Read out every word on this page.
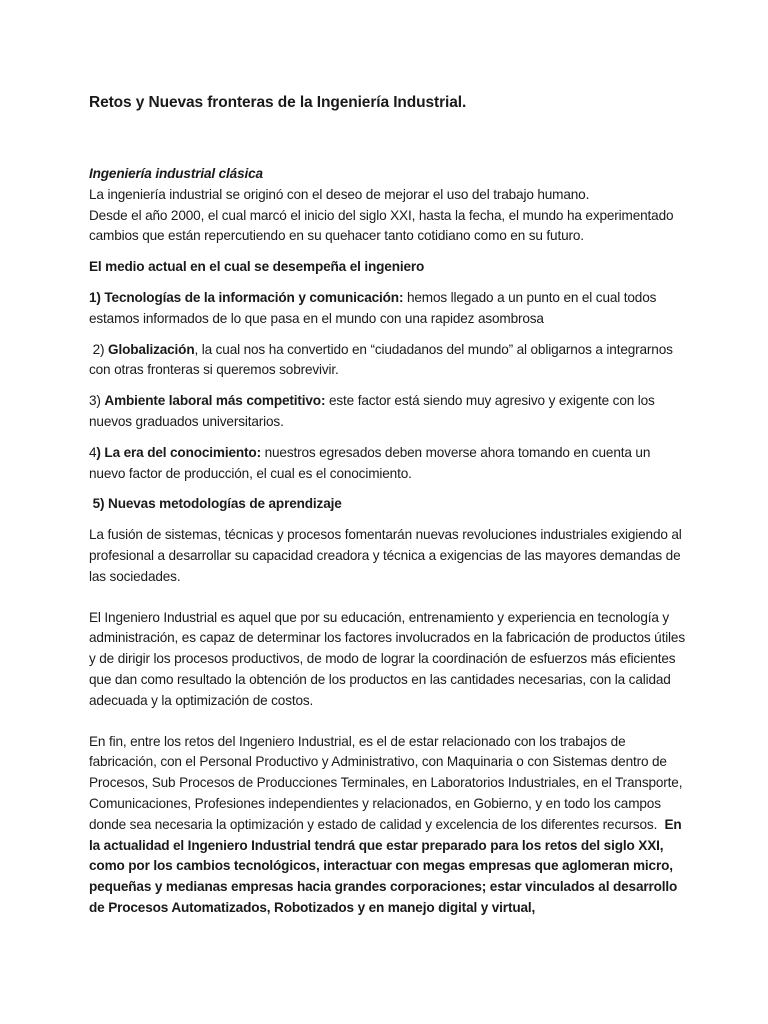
Retos y Nuevas fronteras de la Ingeniería Industrial.

Ingeniería industrial clásica

La ingeniería industrial se originó con el deseo de mejorar el uso del trabajo humano.

Desde el año 2000, el cual marcó el inicio del siglo XXI, hasta la fecha, el mundo ha experimentado cambios que están repercutiendo en su quehacer tanto cotidiano como en su futuro.

El medio actual en el cual se desempeña el ingeniero

1) Tecnologías de la información y comunicación: hemos llegado a un punto en el cual todos estamos informados de lo que pasa en el mundo con una rapidez asombrosa

2) Globalización, la cual nos ha convertido en “ciudadanos del mundo” al obligarnos a integrarnos con otras fronteras si queremos sobrevivir.

3) Ambiente laboral más competitivo: este factor está siendo muy agresivo y exigente con los nuevos graduados universitarios.

4) La era del conocimiento: nuestros egresados deben moverse ahora tomando en cuenta un nuevo factor de producción, el cual es el conocimiento.

5) Nuevas metodologías de aprendizaje

La fusión de sistemas, técnicas y procesos fomentarán nuevas revoluciones industriales exigiendo al profesional a desarrollar su capacidad creadora y técnica a exigencias de las mayores demandas de las sociedades.

El Ingeniero Industrial es aquel que por su educación, entrenamiento y experiencia en tecnología y administración, es capaz de determinar los factores involucrados en la fabricación de productos útiles y de dirigir los procesos productivos, de modo de lograr la coordinación de esfuerzos más eficientes que dan como resultado la obtención de los productos en las cantidades necesarias, con la calidad adecuada y la optimización de costos.

En fin, entre los retos del Ingeniero Industrial, es el de estar relacionado con los trabajos de fabricación, con el Personal Productivo y Administrativo, con Maquinaria o con Sistemas dentro de Procesos, Sub Procesos de Producciones Terminales, en Laboratorios Industriales, en el Transporte, Comunicaciones, Profesiones independientes y relacionados, en Gobierno, y en todo los campos donde sea necesaria la optimización y estado de calidad y excelencia de los diferentes recursos.  En la actualidad el Ingeniero Industrial tendrá que estar preparado para los retos del siglo XXI, como por los cambios tecnológicos, interactuar con megas empresas que aglomeran micro, pequeñas y medianas empresas hacia grandes corporaciones; estar vinculados al desarrollo de Procesos Automatizados, Robotizados y en manejo digital y virtual,
